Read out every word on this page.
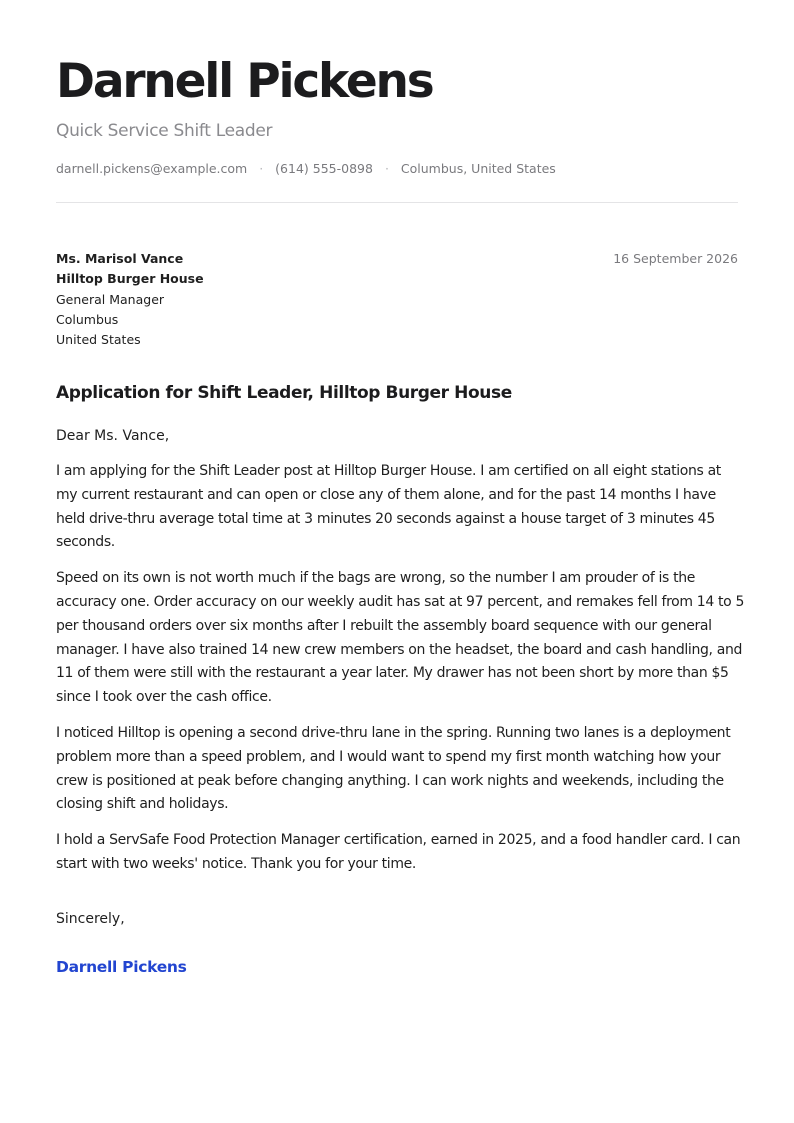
Darnell Pickens
Quick Service Shift Leader
darnell.pickens@example.com · (614) 555-0898 · Columbus, United States
Ms. Marisol Vance
Hilltop Burger House
General Manager
Columbus
United States
16 September 2026
Application for Shift Leader, Hilltop Burger House
Dear Ms. Vance,
I am applying for the Shift Leader post at Hilltop Burger House. I am certified on all eight stations at my current restaurant and can open or close any of them alone, and for the past 14 months I have held drive-thru average total time at 3 minutes 20 seconds against a house target of 3 minutes 45 seconds.
Speed on its own is not worth much if the bags are wrong, so the number I am prouder of is the accuracy one. Order accuracy on our weekly audit has sat at 97 percent, and remakes fell from 14 to 5 per thousand orders over six months after I rebuilt the assembly board sequence with our general manager. I have also trained 14 new crew members on the headset, the board and cash handling, and 11 of them were still with the restaurant a year later. My drawer has not been short by more than $5 since I took over the cash office.
I noticed Hilltop is opening a second drive-thru lane in the spring. Running two lanes is a deployment problem more than a speed problem, and I would want to spend my first month watching how your crew is positioned at peak before changing anything. I can work nights and weekends, including the closing shift and holidays.
I hold a ServSafe Food Protection Manager certification, earned in 2025, and a food handler card. I can start with two weeks' notice. Thank you for your time.
Sincerely,
Darnell Pickens
